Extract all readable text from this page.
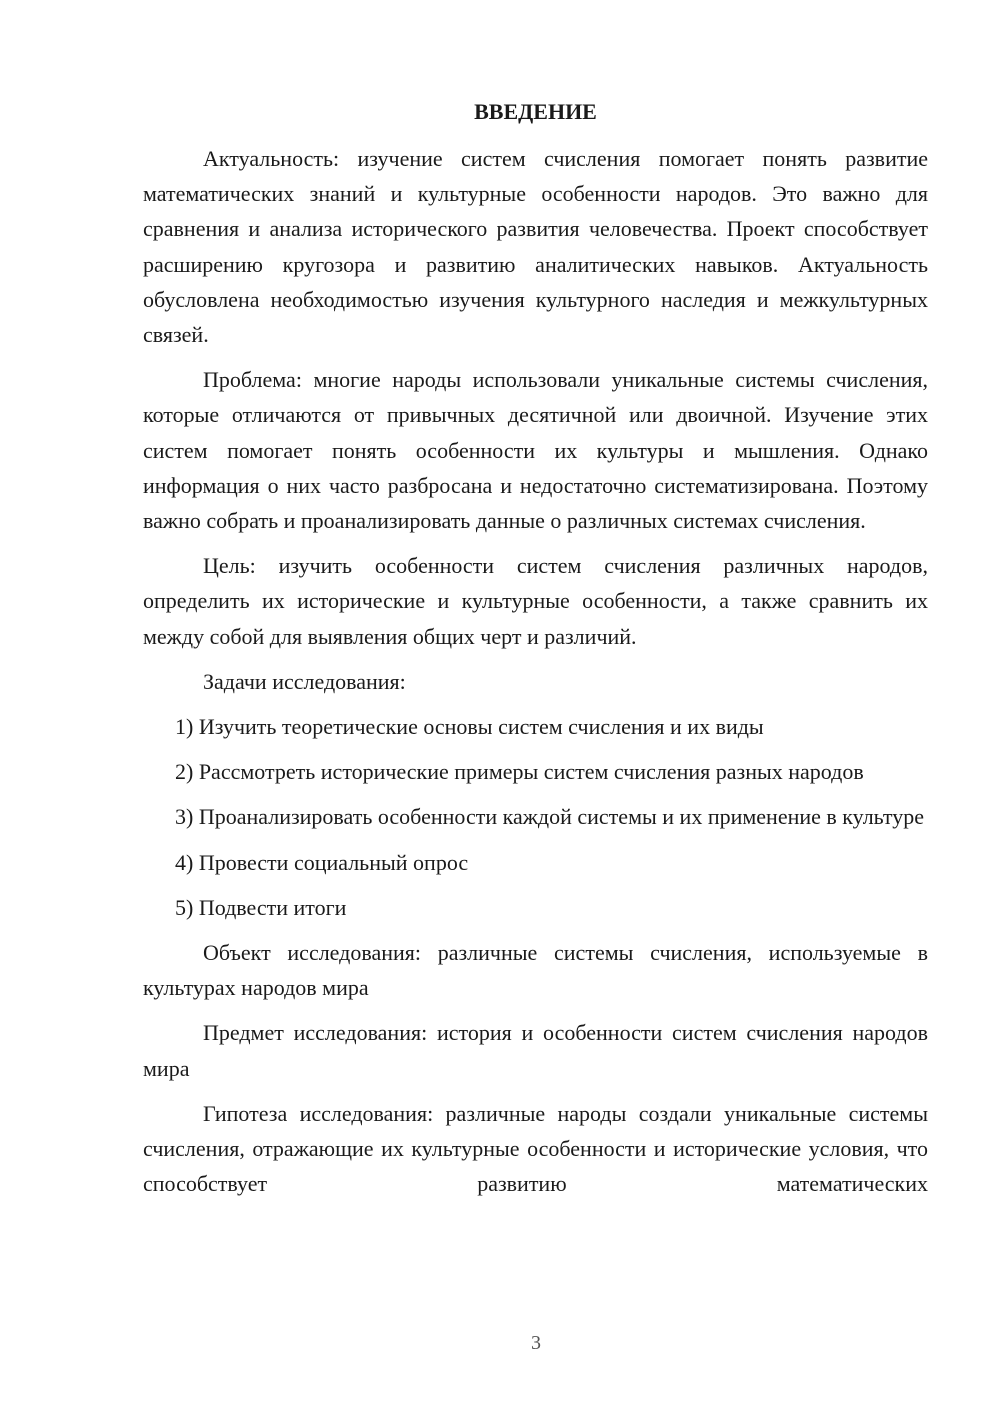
ВВЕДЕНИЕ

Актуальность: изучение систем счисления помогает понять развитие математических знаний и культурные особенности народов. Это важно для сравнения и анализа исторического развития человечества. Проект способствует расширению кругозора и развитию аналитических навыков. Актуальность обусловлена необходимостью изучения культурного наследия и межкультурных связей.

Проблема: многие народы использовали уникальные системы счисления, которые отличаются от привычных десятичной или двоичной. Изучение этих систем помогает понять особенности их культуры и мышления. Однако информация о них часто разбросана и недостаточно систематизирована. Поэтому важно собрать и проанализировать данные о различных системах счисления.

Цель: изучить особенности систем счисления различных народов, определить их исторические и культурные особенности, а также сравнить их между собой для выявления общих черт и различий.

Задачи исследования:

1) Изучить теоретические основы систем счисления и их виды

2) Рассмотреть исторические примеры систем счисления разных народов

3) Проанализировать особенности каждой системы и их применение в культуре

4) Провести социальный опрос

5) Подвести итоги

Объект исследования: различные системы счисления, используемые в культурах народов мира

Предмет исследования: история и особенности систем счисления народов мира

Гипотеза исследования: различные народы создали уникальные системы счисления, отражающие их культурные особенности и исторические условия, что способствует развитию математических

3
